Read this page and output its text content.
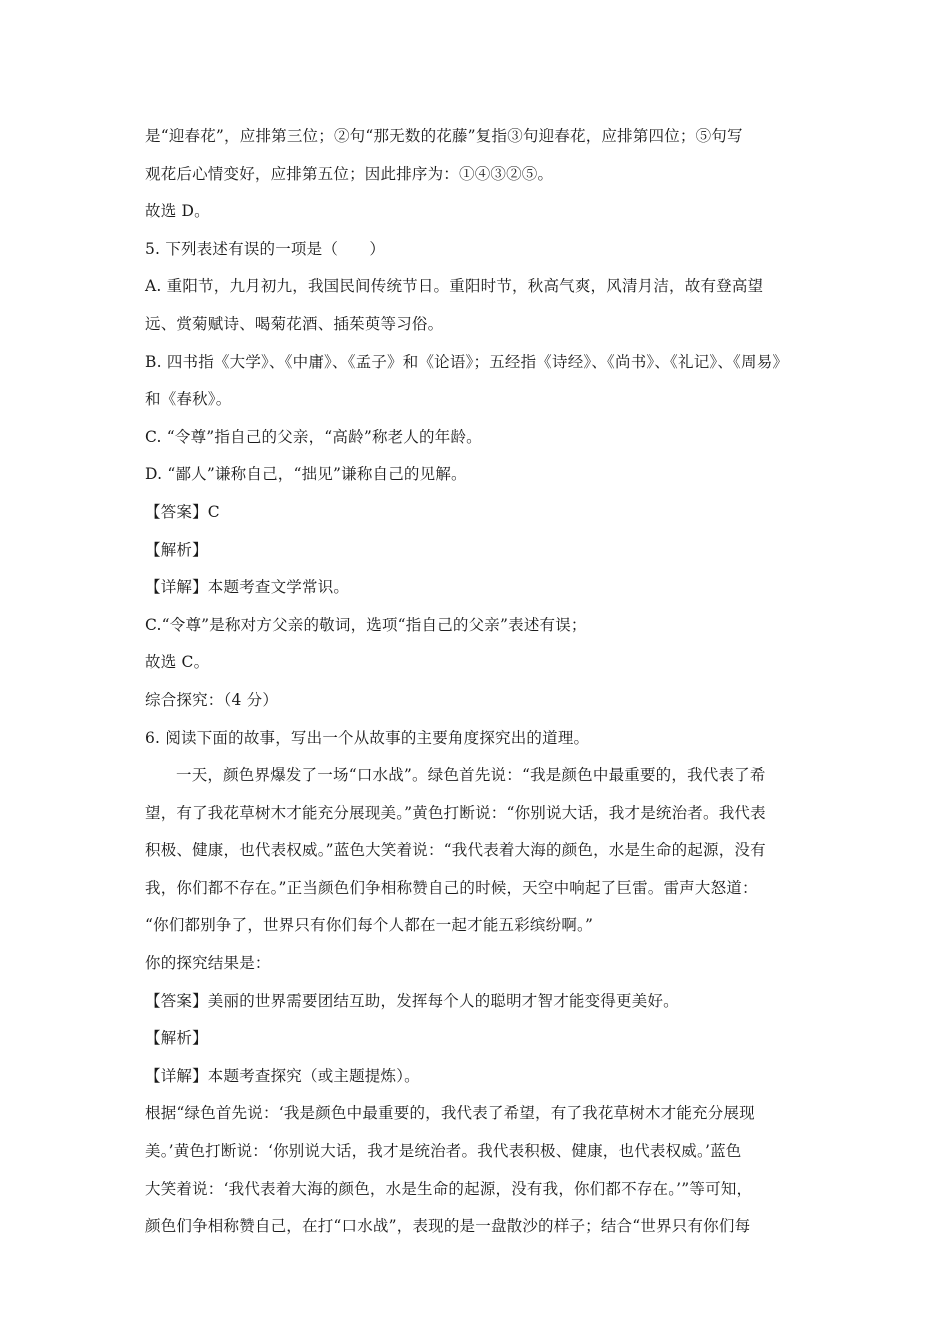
是“迎春花”，应排第三位；②句“那无数的花藤”复指③句迎春花，应排第四位；⑤句写
观花后心情变好，应排第五位；因此排序为：①④③②⑤。
故选 D。
5. 下列表述有误的一项是（　　）
A. 重阳节，九月初九，我国民间传统节日。重阳时节，秋高气爽，风清月洁，故有登高望
远、赏菊赋诗、喝菊花酒、插茱萸等习俗。
B. 四书指《大学》、《中庸》、《孟子》和《论语》；五经指《诗经》、《尚书》、《礼记》、《周易》
和《春秋》。
C. “令尊”指自己的父亲，“高龄”称老人的年龄。
D. “鄙人”谦称自己，“拙见”谦称自己的见解。
【答案】C
【解析】
【详解】本题考查文学常识。
C.“令尊”是称对方父亲的敬词，选项“指自己的父亲”表述有误；
故选 C。
综合探究：（4 分）
6. 阅读下面的故事，写出一个从故事的主要角度探究出的道理。
一天，颜色界爆发了一场“口水战”。绿色首先说：“我是颜色中最重要的，我代表了希
望，有了我花草树木才能充分展现美。”黄色打断说：“你别说大话，我才是统治者。我代表
积极、健康，也代表权威。”蓝色大笑着说：“我代表着大海的颜色，水是生命的起源，没有
我，你们都不存在。”正当颜色们争相称赞自己的时候，天空中响起了巨雷。雷声大怒道：
“你们都别争了，世界只有你们每个人都在一起才能五彩缤纷啊。”
你的探究结果是：
【答案】美丽的世界需要团结互助，发挥每个人的聪明才智才能变得更美好。
【解析】
【详解】本题考查探究（或主题提炼）。
根据“绿色首先说：‘我是颜色中最重要的，我代表了希望，有了我花草树木才能充分展现
美。’黄色打断说：‘你别说大话，我才是统治者。我代表积极、健康，也代表权威。’蓝色
大笑着说：‘我代表着大海的颜色，水是生命的起源，没有我，你们都不存在。’”等可知，
颜色们争相称赞自己，在打“口水战”，表现的是一盘散沙的样子；结合“世界只有你们每
